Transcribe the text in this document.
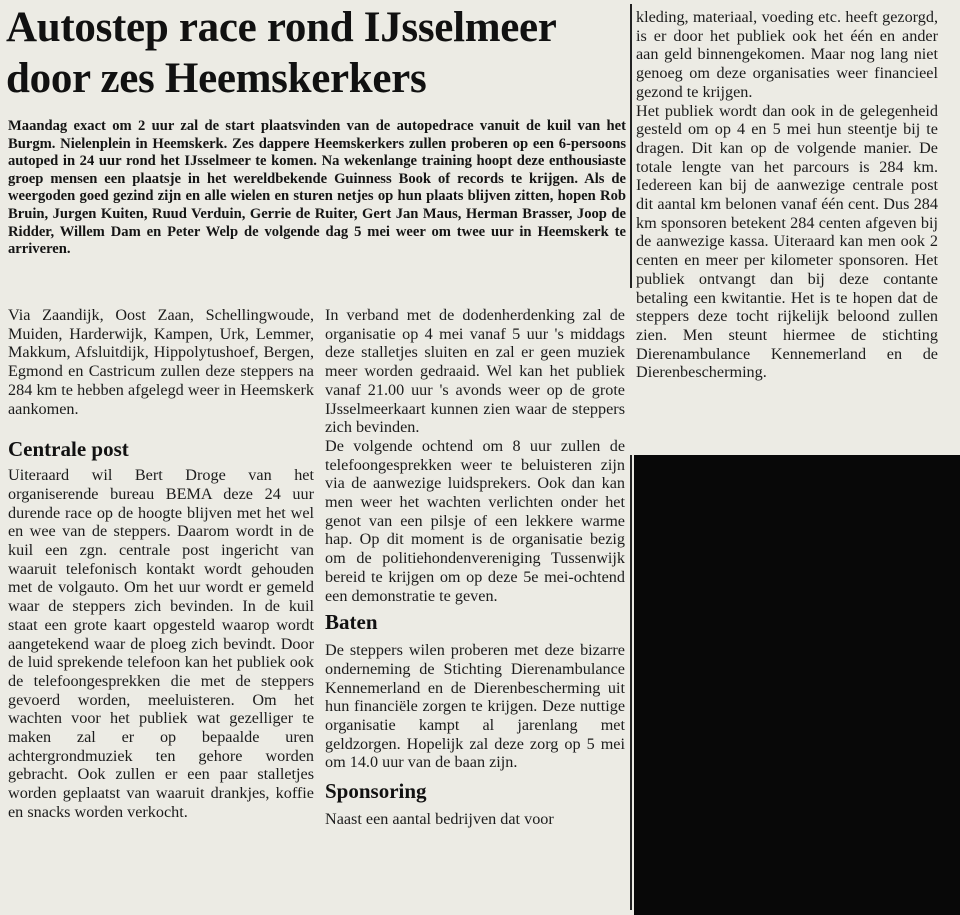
Autostep race rond IJsselmeer
door zes Heemskerkers
Maandag exact om 2 uur zal de start plaatsvinden van de autopedrace vanuit de kuil van het Burgm. Nielenplein in Heemskerk. Zes dappere Heemskerkers zullen proberen op een 6-persoons autoped in 24 uur rond het IJsselmeer te komen. Na wekenlange training hoopt deze enthousiaste groep mensen een plaatsje in het wereldbekende Guinness Book of records te krijgen. Als de weergoden goed gezind zijn en alle wielen en sturen netjes op hun plaats blijven zitten, hopen Rob Bruin, Jurgen Kuiten, Ruud Verduin, Gerrie de Ruiter, Gert Jan Maus, Herman Brasser, Joop de Ridder, Willem Dam en Peter Welp de volgende dag 5 mei weer om twee uur in Heemskerk te arriveren.

Via Zaandijk, Oost Zaan, Schellingwoude, Muiden, Harderwijk, Kampen, Urk, Lemmer, Makkum, Afsluitdijk, Hippolytushoef, Bergen, Egmond en Castricum zullen deze steppers na 284 km te hebben afgelegd weer in Heemskerk aankomen.

Centrale post

Uiteraard wil Bert Droge van het organiserende bureau BEMA deze 24 uur durende race op de hoogte blijven met het wel en wee van de steppers. Daarom wordt in de kuil een zgn. centrale post ingericht van waaruit telefonisch kontakt wordt gehouden met de volgauto. Om het uur wordt er gemeld waar de steppers zich bevinden. In de kuil staat een grote kaart opgesteld waarop wordt aangetekend waar de ploeg zich bevindt. Door de luid sprekende telefoon kan het publiek ook de telefoongesprekken die met de steppers gevoerd worden, meeluisteren. Om het wachten voor het publiek wat gezelliger te maken zal er op bepaalde uren achtergrondmuziek ten gehore worden gebracht. Ook zullen er een paar stalletjes worden geplaatst van waaruit drankjes, koffie en snacks worden verkocht.

In verband met de dodenherdenking zal de organisatie op 4 mei vanaf 5 uur 's middags deze stalletjes sluiten en zal er geen muziek meer worden gedraaid. Wel kan het publiek vanaf 21.00 uur 's avonds weer op de grote IJsselmeerkaart kunnen zien waar de steppers zich bevinden.

De volgende ochtend om 8 uur zullen de telefoongesprekken weer te beluisteren zijn via de aanwezige luidsprekers. Ook dan kan men weer het wachten verlichten onder het genot van een pilsje of een lekkere warme hap. Op dit moment is de organisatie bezig om de politiehondenvereniging Tussenwijk bereid te krijgen om op deze 5e mei-ochtend een demonstratie te geven.

Baten

De steppers wilen proberen met deze bizarre onderneming de Stichting Dierenambulance Kennemerland en de Dierenbescherming uit hun financiële zorgen te krijgen. Deze nuttige organisatie kampt al jarenlang met geldzorgen. Hopelijk zal deze zorg op 5 mei om 14.0 uur van de baan zijn.

Sponsoring

Naast een aantal bedrijven dat voor

kleding, materiaal, voeding etc. heeft gezorgd, is er door het publiek ook het één en ander aan geld binnengekomen. Maar nog lang niet genoeg om deze organisaties weer financieel gezond te krijgen.

Het publiek wordt dan ook in de gelegenheid gesteld om op 4 en 5 mei hun steentje bij te dragen. Dit kan op de volgende manier. De totale lengte van het parcours is 284 km. Iedereen kan bij de aanwezige centrale post dit aantal km belonen vanaf één cent. Dus 284 km sponsoren betekent 284 centen afgeven bij de aanwezige kassa. Uiteraard kan men ook 2 centen en meer per kilometer sponsoren. Het publiek ontvangt dan bij deze contante betaling een kwitantie. Het is te hopen dat de steppers deze tocht rijkelijk beloond zullen zien. Men steunt hiermee de stichting Dierenambulance Kennemerland en de Dierenbescherming.
